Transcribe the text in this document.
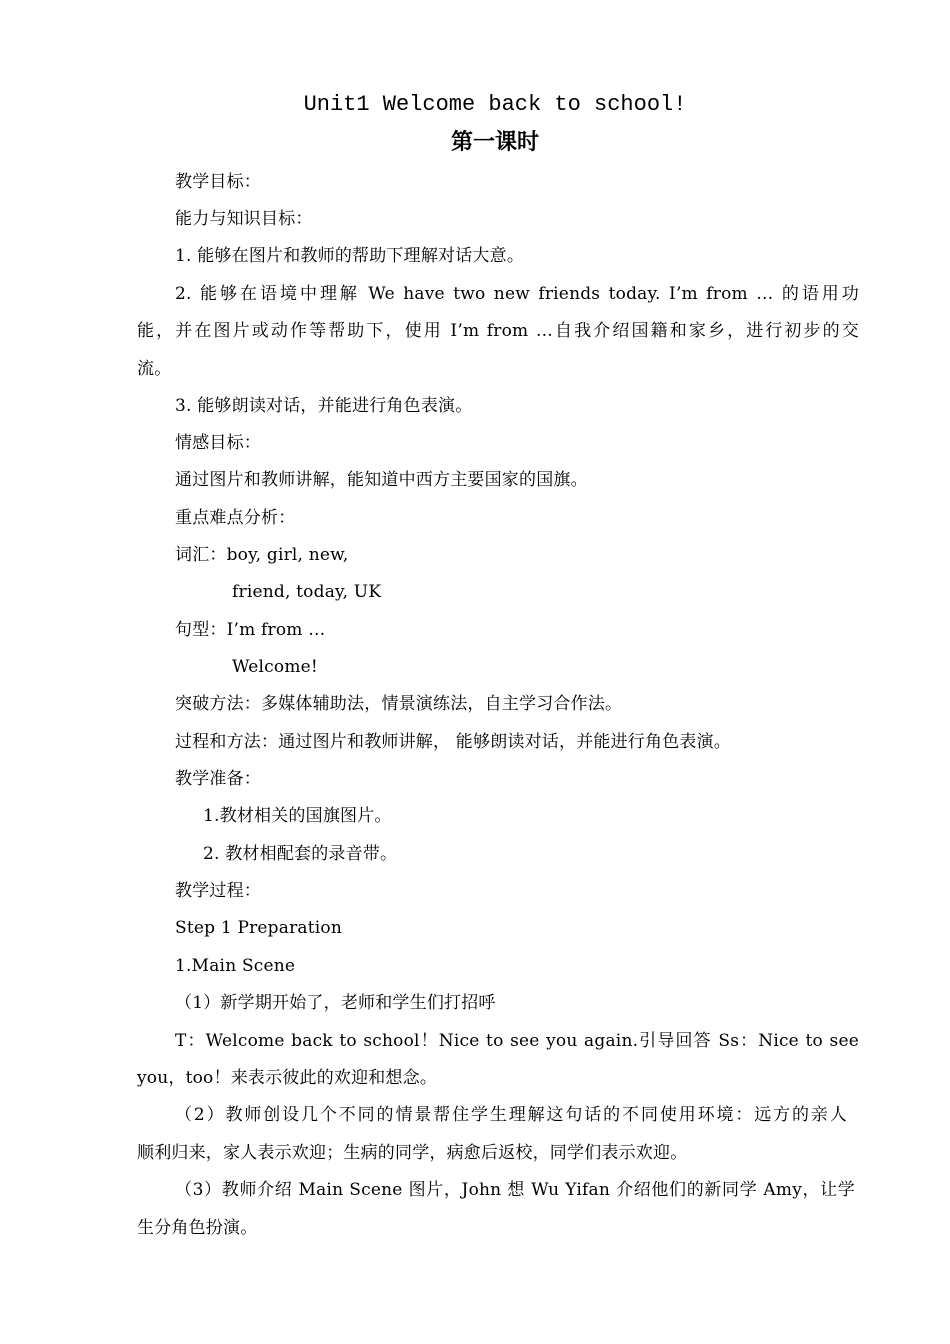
Unit1 Welcome back to school!
第一课时
教学目标：
能力与知识目标：
1. 能够在图片和教师的帮助下理解对话大意。
2. 能够在语境中理解 We have two new friends today. I’m from … 的语用功
能，并在图片或动作等帮助下，使用 I’m from …自我介绍国籍和家乡，进行初步的交
流。
3. 能够朗读对话，并能进行角色表演。
情感目标：
通过图片和教师讲解，能知道中西方主要国家的国旗。
重点难点分析：
词汇：boy, girl, new,
friend, today, UK
句型：I’m from …
Welcome!
突破方法：多媒体辅助法，情景演练法，自主学习合作法。
过程和方法：通过图片和教师讲解， 能够朗读对话，并能进行角色表演。
教学准备：
1.教材相关的国旗图片。
2. 教材相配套的录音带。
教学过程：
Step 1 Preparation
1.Main Scene
（1）新学期开始了，老师和学生们打招呼
T：Welcome back to school！Nice to see you again.引导回答 Ss：Nice to see
you，too！来表示彼此的欢迎和想念。
（2）教师创设几个不同的情景帮住学生理解这句话的不同使用环境：远方的亲人
顺利归来，家人表示欢迎；生病的同学，病愈后返校，同学们表示欢迎。
（3）教师介绍 Main Scene 图片，John 想 Wu Yifan 介绍他们的新同学 Amy，让学
生分角色扮演。
